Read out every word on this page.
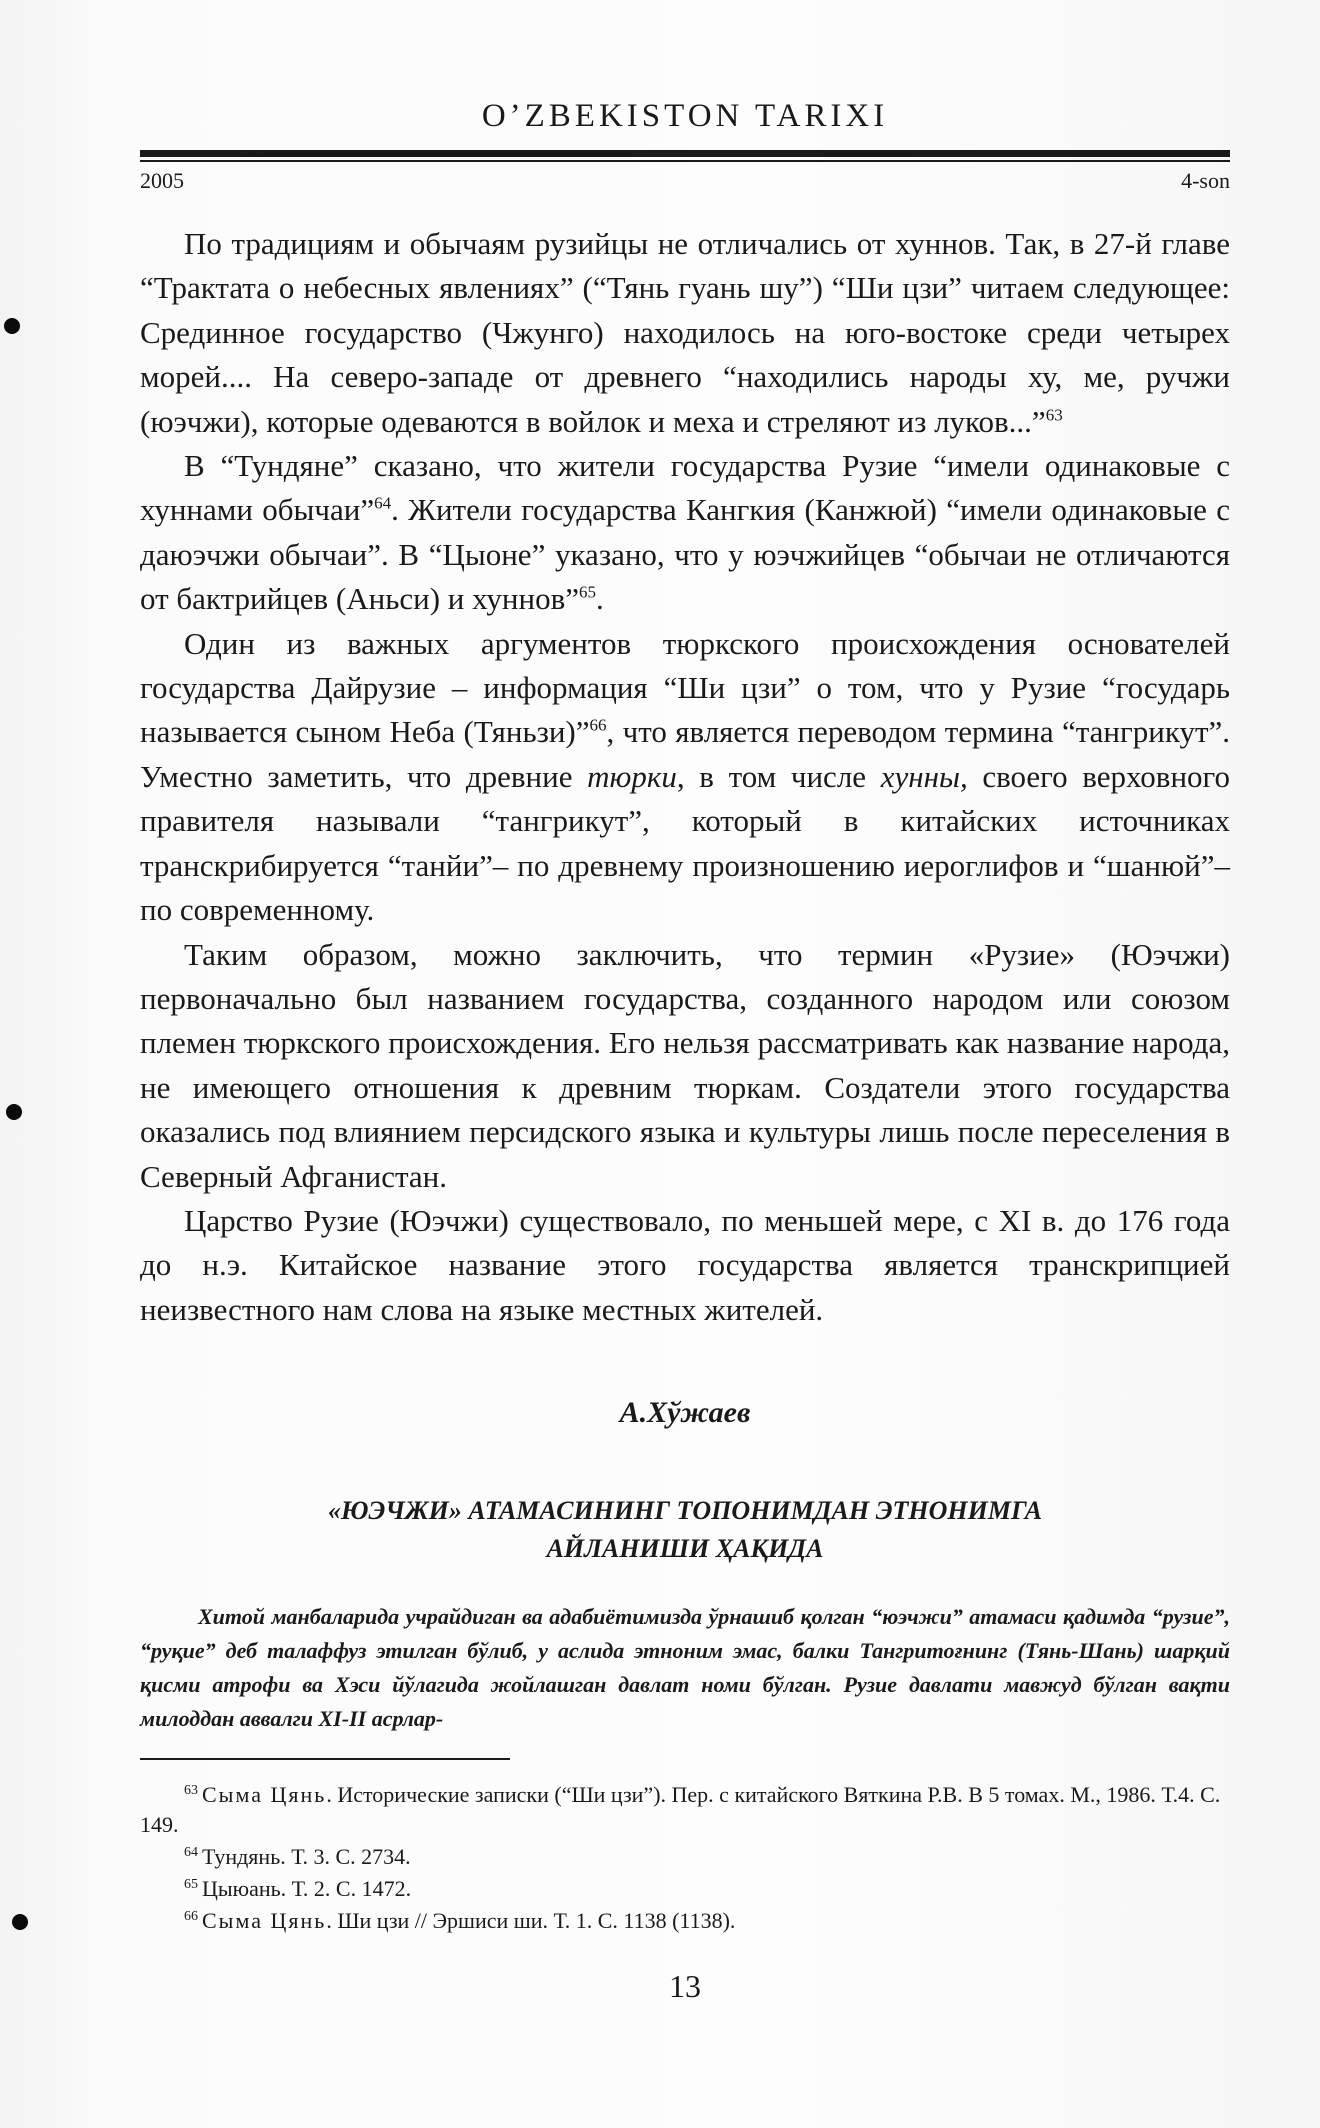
O’ZBEKISTON TARIXI
2005	4-son

По традициям и обычаям рузийцы не отличались от хуннов. Так, в 27-й главе “Трактата о небесных явлениях” (“Тянь гуань шу”) “Ши цзи” читаем следующее: Срединное государство (Чжунго) находилось на юго-востоке среди четырех морей.... На северо-западе от древнего “находились народы ху, ме, ручжи (юэчжи), которые одеваются в войлок и меха и стреляют из луков...”$^{63}$

В “Тундяне” сказано, что жители государства Рузие “имели одинаковые с хуннами обычаи”$^{64}$. Жители государства Кангкия (Канжюй) “имели одинаковые с даюэчжи обычаи”. В “Цыоне” указано, что у юэчжийцев “обычаи не отличаются от бактрийцев (Аньси) и хуннов”$^{65}$.

Один из важных аргументов тюркского происхождения основателей государства Дайрузие – информация “Ши цзи” о том, что у Рузие “государь называется сыном Неба (Тяньзи)”$^{66}$, что является переводом термина “тангрикут”. Уместно заметить, что древние тюрки, в том числе хунны, своего верховного правителя называли “тангрикут”, который в китайских источниках транскрибируется “танйи”– по древнему произношению иероглифов и “шанюй”– по современному.

Таким образом, можно заключить, что термин «Рузие» (Юэчжи) первоначально был названием государства, созданного народом или союзом племен тюркского происхождения. Его нельзя рассматривать как название народа, не имеющего отношения к древним тюркам. Создатели этого государства оказались под влиянием персидского языка и культуры лишь после переселения в Северный Афганистан.

Царство Рузие (Юэчжи) существовало, по меньшей мере, с XI в. до 176 года до н.э. Китайское название этого государства является транскрипцией неизвестного нам слова на языке местных жителей.

А.Хўжаев
«ЮЭЧЖИ» АТАМАСИНИНГ ТОПОНИМДАН ЭТНОНИМГА
АЙЛАНИШИ ҲАҚИДА
Хитой манбаларида учрайдиган ва адабиётимизда ўрнашиб қолган “юэчжи” атамаси қадимда “рузие”, “руқие” деб талаффуз этилган бўлиб, у аслида этноним эмас, балки Тангритоғнинг (Тянь-Шань) шарқий қисми атрофи ва Хэси йўлагида жойлашган давлат номи бўлган. Рузие давлати мавжуд бўлган вақти милоддан аввалги XI-II асрлар-
$^{63}$ Сыма Цянь. Исторические записки (“Ши цзи”). Пер. с китайского Вяткина Р.В. В 5 томах. М., 1986. Т.4. С. 149.
$^{64}$ Тундянь. Т. 3. С. 2734.
$^{65}$ Цыюань. Т. 2. С. 1472.
$^{66}$ Сыма Цянь. Ши цзи // Эршиси ши. Т. 1. С. 1138 (1138).
13
